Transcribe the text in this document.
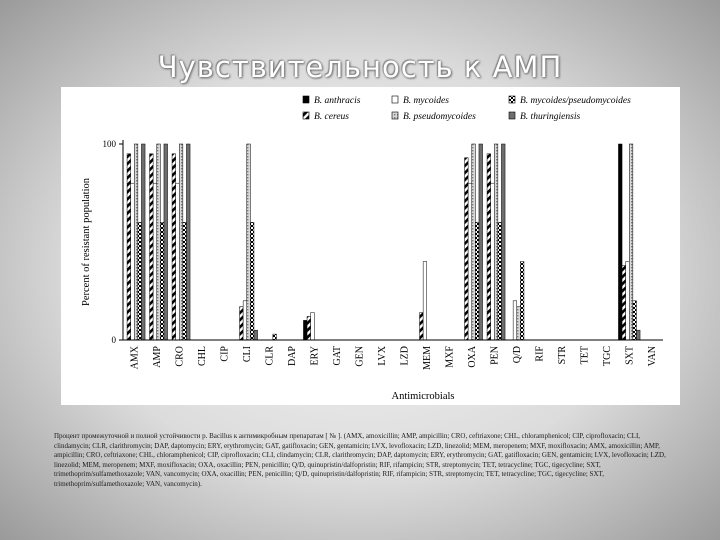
Чувствительность к АМП
B. anthracis	B. mycoides	B. mycoides/pseudomycoides
B. cereus	B. pseudomycoides	B. thuringiensis
0
100
Percent of resistant population
AMX AMP CRO CHL CIP CLI CLR DAP ERY GAT GEN LVX LZD MEM MXF OXA PEN Q/D RIF STR TET TGC SXT VAN
Antimicrobials
Процент промежуточной и полной устойчивости p. Bacillus к антимикробным препаратам [ № ]. (AMX, amoxicillin; AMP, ampicillin; CRO, ceftriaxone; CHL, chloramphenicol; CIP, ciprofloxacin; CLI, clindamycin; CLR, clarithromycin; DAP, daptomycin; ERY, erythromycin; GAT, gatifloxacin; GEN, gentamicin; LVX, levofloxacin; LZD, linezolid; MEM, meropenem; MXF, moxifloxacin; AMX, amoxicillin; AMP, ampicillin; CRO, ceftriaxone; CHL, chloramphenicol; CIP, ciprofloxacin; CLI, clindamycin; CLR, clarithromycin; DAP, daptomycin; ERY, erythromycin; GAT, gatifloxacin; GEN, gentamicin; LVX, levofloxacin; LZD, linezolid; MEM, meropenem; MXF, moxifloxacin; OXA, oxacillin; PEN, penicillin; Q/D, quinupristin/dalfopristin; RIF, rifampicin; STR, streptomycin; TET, tetracycline; TGC, tigecycline; SXT, trimethoprim/sulfamethoxazole; VAN, vancomycin; OXA, oxacillin; PEN, penicillin; Q/D, quinupristin/dalfopristin; RIF, rifampicin; STR, streptomycin; TET, tetracycline; TGC, tigecycline; SXT, trimethoprim/sulfamethoxazole; VAN, vancomycin).
